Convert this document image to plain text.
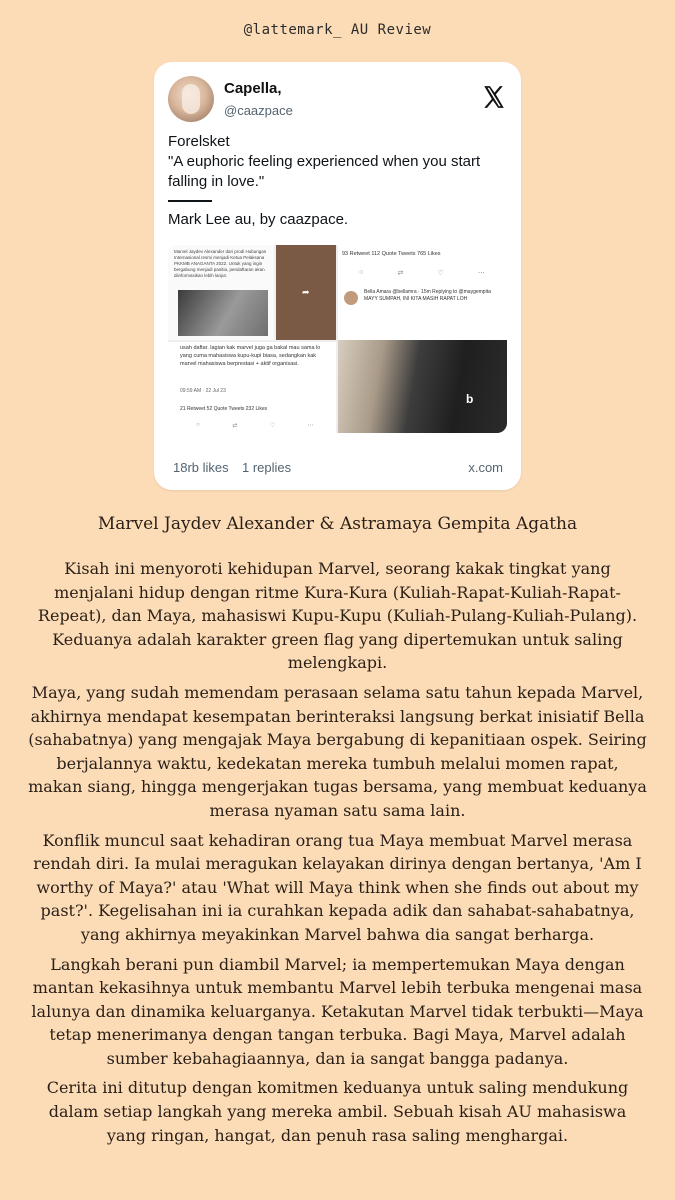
@lattemark_ AU Review
Capella,
@caazpace
Forelsket
"A euphoric feeling experienced when you start falling in love."
Mark Lee au, by caazpace.
Marvel Jaydev Alexander dari prodi Hubungan Internasional resmi menjadi Ketua Pelaksana PKKMB ANAGANTA 2022. Untuk yang ingin bergabung menjadi panitia, pendaftaran akan diinformasikan lebih lanjut.
➦
93 Retweet 112 Quote Tweets 765 Likes
○	⇄	♡	⋯
Bella Amara @bellamra · 15m Replying to @maygempita MAYY SUMPAH, INI KITA MASIH RAPAT LOH
usah daftar. lagian kak marvel juga ga bakal mau sama lo yang cuma mahasiswa kupu-kupi biasa, sedangkan kak marvel mahasiswa berprestasi + aktif organisasi.
09:59 AM · 22 Jul 23
21 Retweet 52 Quote Tweets 232 Likes
○	⇄	♡	⋯
b
18rb likes 1 replies	x.com
Marvel Jaydev Alexander & Astramaya Gempita Agatha

Kisah ini menyoroti kehidupan Marvel, seorang kakak tingkat yang menjalani hidup dengan ritme Kura-Kura (Kuliah-Rapat-Kuliah-Rapat-Repeat), dan Maya, mahasiswi Kupu-Kupu (Kuliah-Pulang-Kuliah-Pulang). Keduanya adalah karakter green flag yang dipertemukan untuk saling melengkapi.

Maya, yang sudah memendam perasaan selama satu tahun kepada Marvel, akhirnya mendapat kesempatan berinteraksi langsung berkat inisiatif Bella (sahabatnya) yang mengajak Maya bergabung di kepanitiaan ospek. Seiring berjalannya waktu, kedekatan mereka tumbuh melalui momen rapat, makan siang, hingga mengerjakan tugas bersama, yang membuat keduanya merasa nyaman satu sama lain.

Konflik muncul saat kehadiran orang tua Maya membuat Marvel merasa rendah diri. Ia mulai meragukan kelayakan dirinya dengan bertanya, 'Am I worthy of Maya?' atau 'What will Maya think when she finds out about my past?'. Kegelisahan ini ia curahkan kepada adik dan sahabat-sahabatnya, yang akhirnya meyakinkan Marvel bahwa dia sangat berharga.

Langkah berani pun diambil Marvel; ia mempertemukan Maya dengan mantan kekasihnya untuk membantu Marvel lebih terbuka mengenai masa lalunya dan dinamika keluarganya. Ketakutan Marvel tidak terbukti—Maya tetap menerimanya dengan tangan terbuka. Bagi Maya, Marvel adalah sumber kebahagiaannya, dan ia sangat bangga padanya.

Cerita ini ditutup dengan komitmen keduanya untuk saling mendukung dalam setiap langkah yang mereka ambil. Sebuah kisah AU mahasiswa yang ringan, hangat, dan penuh rasa saling menghargai.
